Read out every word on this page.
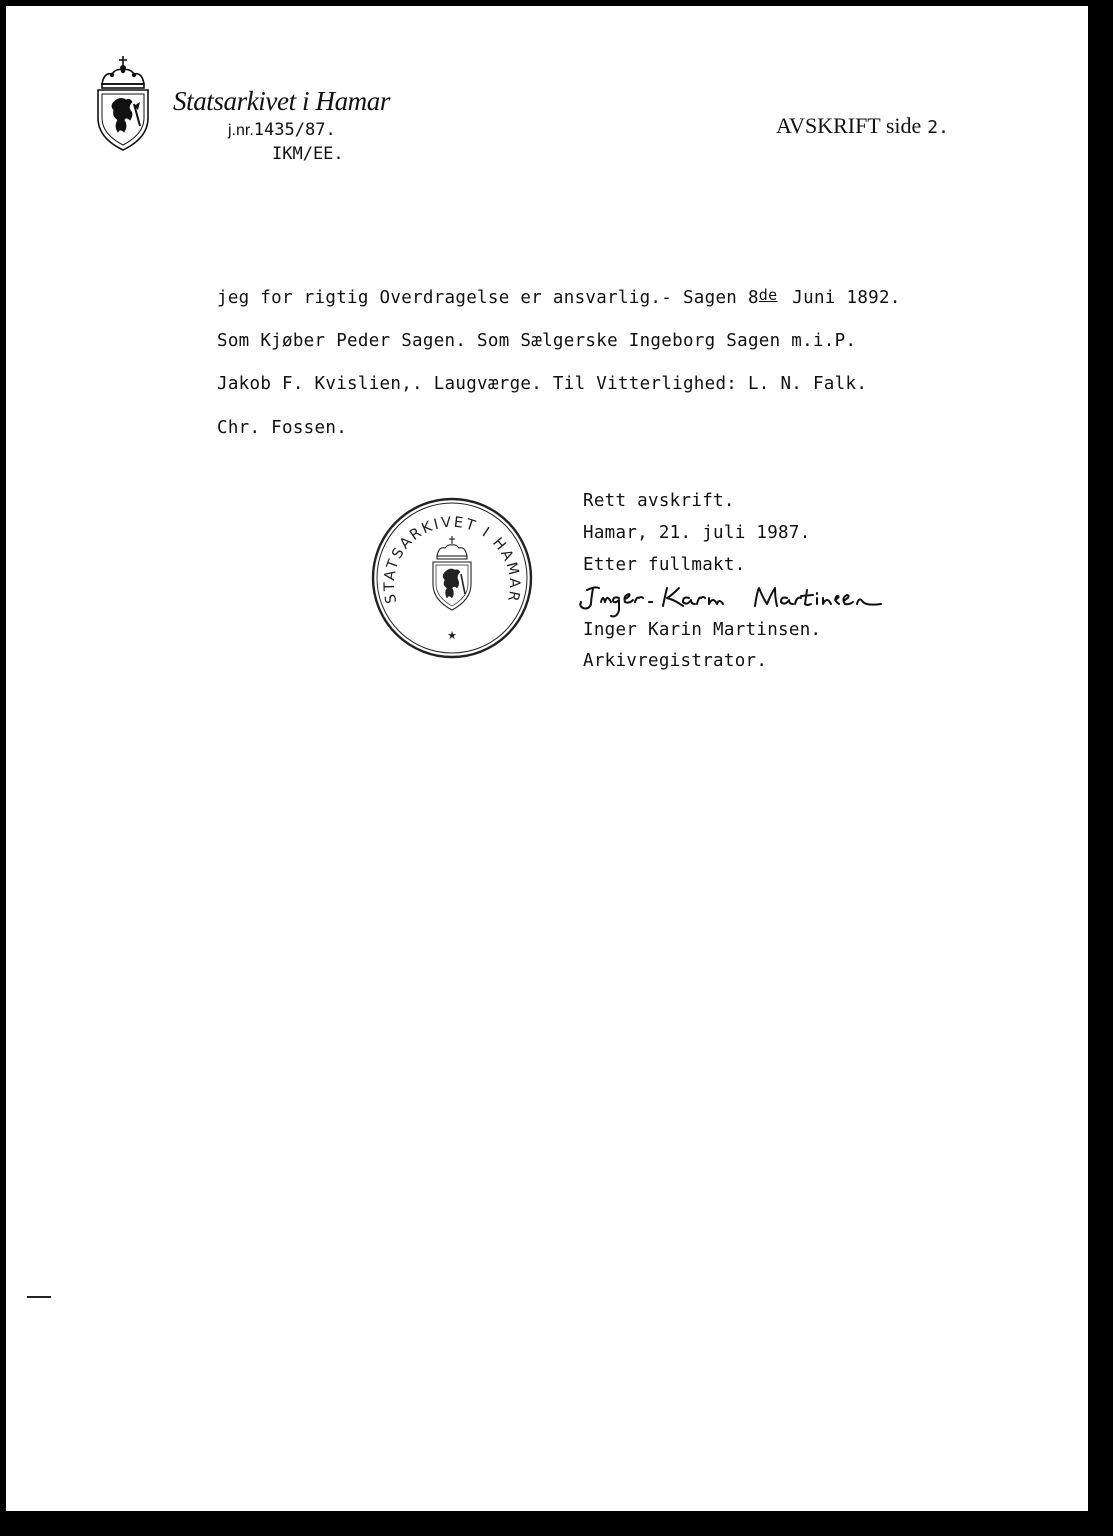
Statsarkivet i Hamar
j.nr.1435/87.
IKM/EE.
AVSKRIFT side 2.
jeg for rigtig Overdragelse er ansvarlig.- Sagen 8de Juni 1892.
Som Kjøber Peder Sagen. Som Sælgerske Ingeborg Sagen m.i.P.
Jakob F. Kvislien,. Laugværge. Til Vitterlighed: L. N. Falk.
Chr. Fossen.
STATSARKIVET I HAMAR
★
Rett avskrift.
Hamar, 21. juli 1987.
Etter fullmakt.
Inger Karin Martinsen.
Arkivregistrator.
